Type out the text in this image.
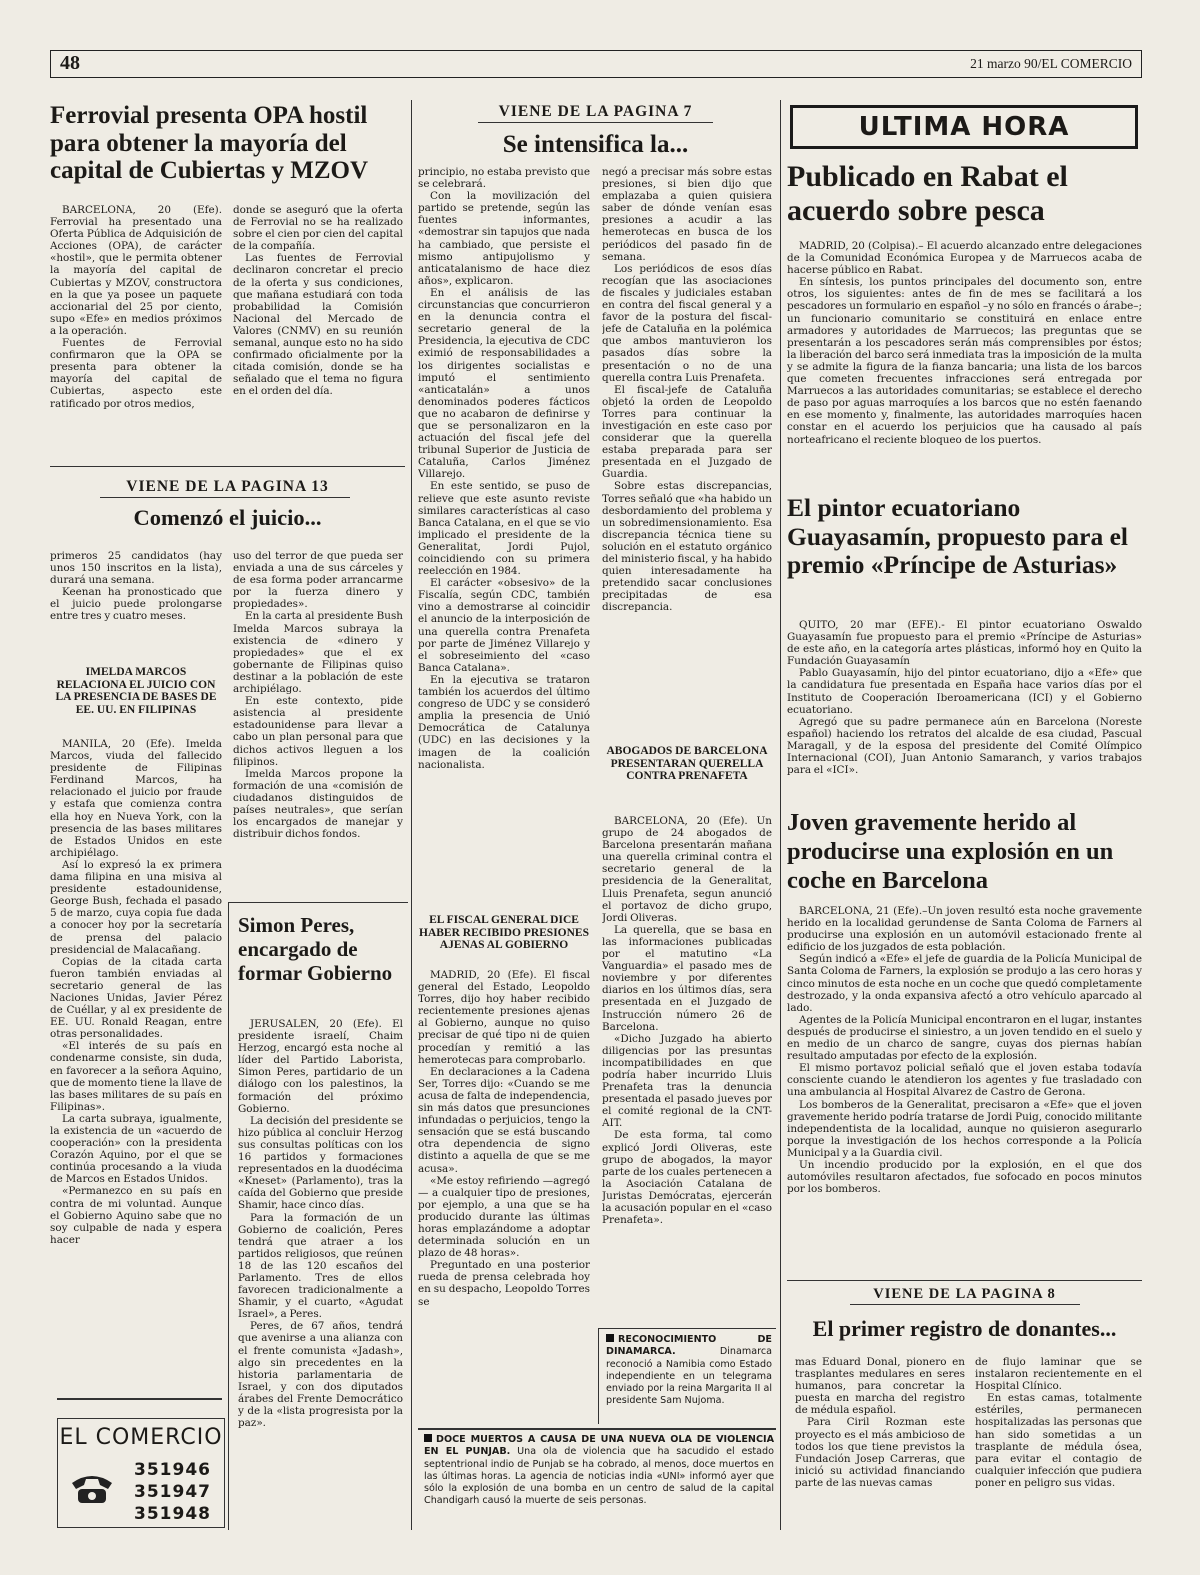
48	21 marzo 90/EL COMERCIO
Ferrovial presenta OPA hostil para obtener la mayoría del capital de Cubiertas y MZOV

BARCELONA, 20 (Efe). Ferrovial ha presentado una Oferta Pública de Adquisición de Acciones (OPA), de carácter «hostil», que le permita obtener la mayoría del capital de Cubiertas y MZOV, constructora en la que ya posee un paquete accionarial del 25 por ciento, supo «Efe» en medios próximos a la operación.

Fuentes de Ferrovial confirmaron que la OPA se presenta para obtener la mayoría del capital de Cubiertas, aspecto este ratificado por otros medios,

donde se aseguró que la oferta de Ferrovial no se ha realizado sobre el cien por cien del capital de la compañía.

Las fuentes de Ferrovial declinaron concretar el precio de la oferta y sus condiciones, que mañana estudiará con toda probabilidad la Comisión Nacional del Mercado de Valores (CNMV) en su reunión semanal, aunque esto no ha sido confirmado oficialmente por la citada comisión, donde se ha señalado que el tema no figura en el orden del día.

VIENE DE LA PAGINA 13
Comenzó el juicio...

primeros 25 candidatos (hay unos 150 inscritos en la lista), durará una semana.

Keenan ha pronosticado que el juicio puede prolongarse entre tres y cuatro meses.

IMELDA MARCOS RELACIONA EL JUICIO CON LA PRESENCIA DE BASES DE EE. UU. EN FILIPINAS

MANILA, 20 (Efe). Imelda Marcos, viuda del fallecido presidente de Filipinas Ferdinand Marcos, ha relacionado el juicio por fraude y estafa que comienza contra ella hoy en Nueva York, con la presencia de las bases militares de Estados Unidos en este archipiélago.

Así lo expresó la ex primera dama filipina en una misiva al presidente estadounidense, George Bush, fechada el pasado 5 de marzo, cuya copia fue dada a conocer hoy por la secretaría de prensa del palacio presidencial de Malacañang.

Copias de la citada carta fueron también enviadas al secretario general de las Naciones Unidas, Javier Pérez de Cuéllar, y al ex presidente de EE. UU. Ronald Reagan, entre otras personalidades.

«El interés de su país en condenarme consiste, sin duda, en favorecer a la señora Aquino, que de momento tiene la llave de las bases militares de su país en Filipinas».

La carta subraya, igualmente, la existencia de un «acuerdo de cooperación» con la presidenta Corazón Aquino, por el que se continúa procesando a la viuda de Marcos en Estados Unidos.

«Permanezco en su país en contra de mi voluntad. Aunque el Gobierno Aquino sabe que no soy culpable de nada y espera hacer

uso del terror de que pueda ser enviada a una de sus cárceles y de esa forma poder arrancarme por la fuerza dinero y propiedades».

En la carta al presidente Bush Imelda Marcos subraya la existencia de «dinero y propiedades» que el ex gobernante de Filipinas quiso destinar a la población de este archipiélago.

En este contexto, pide asistencia al presidente estadounidense para llevar a cabo un plan personal para que dichos activos lleguen a los filipinos.

Imelda Marcos propone la formación de una «comisión de ciudadanos distinguidos de países neutrales», que serían los encargados de manejar y distribuir dichos fondos.

Simon Peres, encargado de formar Gobierno

JERUSALEN, 20 (Efe). El presidente israelí, Chaim Herzog, encargó esta noche al líder del Partido Laborista, Simon Peres, partidario de un diálogo con los palestinos, la formación del próximo Gobierno.

La decisión del presidente se hizo pública al concluir Herzog sus consultas políticas con los 16 partidos y formaciones representados en la duodécima «Kneset» (Parlamento), tras la caída del Gobierno que preside Shamir, hace cinco días.

Para la formación de un Gobierno de coalición, Peres tendrá que atraer a los partidos religiosos, que reúnen 18 de las 120 escaños del Parlamento. Tres de ellos favorecen tradicionalmente a Shamir, y el cuarto, «Agudat Israel», a Peres.

Peres, de 67 años, tendrá que avenirse a una alianza con el frente comunista «Jadash», algo sin precedentes en la historia parlamentaria de Israel, y con dos diputados árabes del Frente Democrático y de la «lista progresista por la paz».

EL COMERCIO
351946
351947
351948
VIENE DE LA PAGINA 7
Se intensifica la...

principio, no estaba previsto que se celebrará.

Con la movilización del partido se pretende, según las fuentes informantes, «demostrar sin tapujos que nada ha cambiado, que persiste el mismo antipujolismo y anticatalanismo de hace diez años», explicaron.

En el análisis de las circunstancias que concurrieron en la denuncia contra el secretario general de la Presidencia, la ejecutiva de CDC eximió de responsabilidades a los dirigentes socialistas e imputó el sentimiento «anticatalán» a unos denominados poderes fácticos que no acabaron de definirse y que se personalizaron en la actuación del fiscal jefe del tribunal Superior de Justicia de Cataluña, Carlos Jiménez Villarejo.

En este sentido, se puso de relieve que este asunto reviste similares características al caso Banca Catalana, en el que se vio implicado el presidente de la Generalitat, Jordi Pujol, coincidiendo con su primera reelección en 1984.

El carácter «obsesivo» de la Fiscalía, según CDC, también vino a demostrarse al coincidir el anuncio de la interposición de una querella contra Prenafeta por parte de Jiménez Villarejo y el sobreseimiento del «caso Banca Catalana».

En la ejecutiva se trataron también los acuerdos del último congreso de UDC y se consideró amplia la presencia de Unió Democrática de Catalunya (UDC) en las decisiones y la imagen de la coalición nacionalista.

EL FISCAL GENERAL DICE HABER RECIBIDO PRESIONES AJENAS AL GOBIERNO

MADRID, 20 (Efe). El fiscal general del Estado, Leopoldo Torres, dijo hoy haber recibido recientemente presiones ajenas al Gobierno, aunque no quiso precisar de qué tipo ni de quien procedían y remitió a las hemerotecas para comprobarlo.

En declaraciones a la Cadena Ser, Torres dijo: «Cuando se me acusa de falta de independencia, sin más datos que presunciones infundadas o perjuicios, tengo la sensación que se está buscando otra dependencia de signo distinto a aquella de que se me acusa».

«Me estoy refiriendo —agregó— a cualquier tipo de presiones, por ejemplo, a una que se ha producido durante las últimas horas emplazándome a adoptar determinada solución en un plazo de 48 horas».

Preguntado en una posterior rueda de prensa celebrada hoy en su despacho, Leopoldo Torres se

negó a precisar más sobre estas presiones, si bien dijo que emplazaba a quien quisiera saber de dónde venían esas presiones a acudir a las hemerotecas en busca de los periódicos del pasado fin de semana.

Los periódicos de esos días recogían que las asociaciones de fiscales y judiciales estaban en contra del fiscal general y a favor de la postura del fiscal-jefe de Cataluña en la polémica que ambos mantuvieron los pasados días sobre la presentación o no de una querella contra Luis Prenafeta.

El fiscal-jefe de Cataluña objetó la orden de Leopoldo Torres para continuar la investigación en este caso por considerar que la querella estaba preparada para ser presentada en el Juzgado de Guardia.

Sobre estas discrepancias, Torres señaló que «ha habido un desbordamiento del problema y un sobredimensionamiento. Esa discrepancia técnica tiene su solución en el estatuto orgánico del ministerio fiscal, y ha habido quien interesadamente ha pretendido sacar conclusiones precipitadas de esa discrepancia.

ABOGADOS DE BARCELONA PRESENTARAN QUERELLA CONTRA PRENAFETA

BARCELONA, 20 (Efe). Un grupo de 24 abogados de Barcelona presentarán mañana una querella criminal contra el secretario general de la presidencia de la Generalitat, Lluis Prenafeta, segun anunció el portavoz de dicho grupo, Jordi Oliveras.

La querella, que se basa en las informaciones publicadas por el matutino «La Vanguardia» el pasado mes de noviembre y por diferentes diarios en los últimos días, sera presentada en el Juzgado de Instrucción número 26 de Barcelona.

«Dicho Juzgado ha abierto diligencias por las presuntas incompatibilidades en que podría haber incurrido Lluis Prenafeta tras la denuncia presentada el pasado jueves por el comité regional de la CNT-AIT.

De esta forma, tal como explicó Jordi Oliveras, este grupo de abogados, la mayor parte de los cuales pertenecen a la Asociación Catalana de Juristas Demócratas, ejercerán la acusación popular en el «caso Prenafeta».

RECONOCIMIENTO DE DINAMARCA.	Dinamarca reconoció a Namibia como Estado independiente en un telegrama enviado por la reina Margarita II al presidente Sam Nujoma.
DOCE MUERTOS A CAUSA DE UNA NUEVA OLA DE VIOLENCIA EN EL PUNJAB. Una ola de violencia que ha sacudido el estado septentrional indio de Punjab se ha cobrado, al menos, doce muertos en las últimas horas. La agencia de noticias india «UNI» informó ayer que sólo la explosión de una bomba en un centro de salud de la capital Chandigarh causó la muerte de seis personas.
ULTIMA HORA
Publicado en Rabat el acuerdo sobre pesca

MADRID, 20 (Colpisa).– El acuerdo alcanzado entre delegaciones de la Comunidad Económica Europea y de Marruecos acaba de hacerse público en Rabat.

En síntesis, los puntos principales del documento son, entre otros, los siguientes: antes de fin de mes se facilitará a los pescadores un formulario en español –y no sólo en francés o árabe–; un funcionario comunitario se constituirá en enlace entre armadores y autoridades de Marruecos; las preguntas que se presentarán a los pescadores serán más comprensibles por éstos; la liberación del barco será inmediata tras la imposición de la multa y se admite la figura de la fianza bancaria; una lista de los barcos que cometen frecuentes infracciones será entregada por Marruecos a las autoridades comunitarias; se establece el derecho de paso por aguas marroquíes a los barcos que no estén faenando en ese momento y, finalmente, las autoridades marroquíes hacen constar en el acuerdo los perjuicios que ha causado al país norteafricano el reciente bloqueo de los puertos.

El pintor ecuatoriano Guayasamín, propuesto para el premio «Príncipe de Asturias»

QUITO, 20 mar (EFE).- El pintor ecuatoriano Oswaldo Guayasamín fue propuesto para el premio «Príncipe de Asturias» de este año, en la categoría artes plásticas, informó hoy en Quito la Fundación Guayasamín

Pablo Guayasamín, hijo del pintor ecuatoriano, dijo a «Efe» que la candidatura fue presentada en España hace varios días por el Instituto de Cooperación Iberoamericana (ICI) y el Gobierno ecuatoriano.

Agregó que su padre permanece aún en Barcelona (Noreste español) haciendo los retratos del alcalde de esa ciudad, Pascual Maragall, y de la esposa del presidente del Comité Olímpico Internacional (COI), Juan Antonio Samaranch, y varios trabajos para el «ICI».

Joven gravemente herido al producirse una explosión en un coche en Barcelona

BARCELONA, 21 (Efe).–Un joven resultó esta noche gravemente herido en la localidad gerundense de Santa Coloma de Farners al producirse una explosión en un automóvil estacionado frente al edificio de los juzgados de esta población.

Según indicó a «Efe» el jefe de guardia de la Policía Municipal de Santa Coloma de Farners, la explosión se produjo a las cero horas y cinco minutos de esta noche en un coche que quedó completamente destrozado, y la onda expansiva afectó a otro vehículo aparcado al lado.

Agentes de la Policía Municipal encontraron en el lugar, instantes después de producirse el siniestro, a un joven tendido en el suelo y en medio de un charco de sangre, cuyas dos piernas habían resultado amputadas por efecto de la explosión.

El mismo portavoz policial señaló que el joven estaba todavía consciente cuando le atendieron los agentes y fue trasladado con una ambulancia al Hospital Alvarez de Castro de Gerona.

Los bomberos de la Generalitat, precisaron a «Efe» que el joven gravemente herido podría tratarse de Jordi Puig, conocido militante independentista de la localidad, aunque no quisieron asegurarlo porque la investigación de los hechos corresponde a la Policía Municipal y a la Guardia civil.

Un incendio producido por la explosión, en el que dos automóviles resultaron afectados, fue sofocado en pocos minutos por los bomberos.

VIENE DE LA PAGINA 8
El primer registro de donantes...

mas Eduard Donal, pionero en trasplantes medulares en seres humanos, para concretar la puesta en marcha del registro de médula español.

Para Ciril Rozman este proyecto es el más ambicioso de todos los que tiene previstos la Fundación Josep Carreras, que inició su actividad financiando parte de las nuevas camas

de flujo laminar que se instalaron recientemente en el Hospital Clínico.

En estas camas, totalmente estériles, permanecen hospitalizadas las personas que han sido sometidas a un trasplante de médula ósea, para evitar el contagio de cualquier infección que pudiera poner en peligro sus vidas.
